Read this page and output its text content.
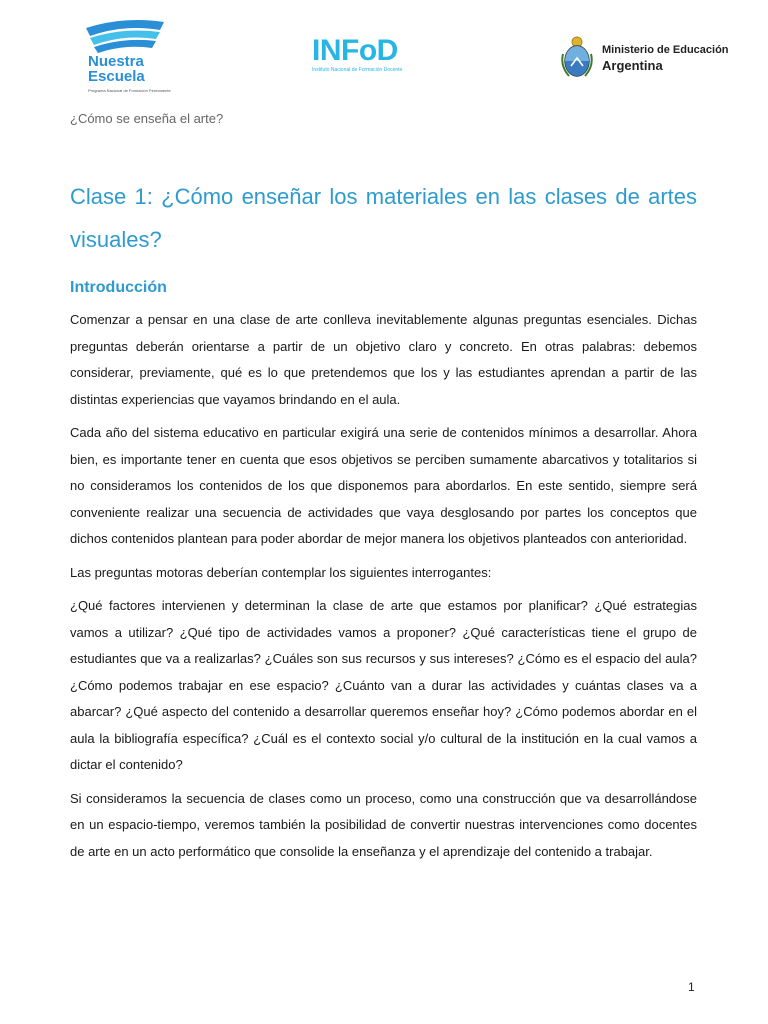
Nuestra
Escuela
Programa Nacional de Formación Permanente
INFoD
Instituto Nacional de Formación Docente
Ministerio de Educación
Argentina
¿Cómo se enseña el arte?
Clase 1: ¿Cómo enseñar los materiales en las clases de artes visuales?
Introducción

Comenzar a pensar en una clase de arte conlleva inevitablemente algunas preguntas esenciales. Dichas preguntas deberán orientarse a partir de un objetivo claro y concreto. En otras palabras: debemos considerar, previamente, qué es lo que pretendemos que los y las estudiantes aprendan a partir de las distintas experiencias que vayamos brindando en el aula.

Cada año del sistema educativo en particular exigirá una serie de contenidos mínimos a desarrollar. Ahora bien, es importante tener en cuenta que esos objetivos se perciben sumamente abarcativos y totalitarios si no consideramos los contenidos de los que disponemos para abordarlos. En este sentido, siempre será conveniente realizar una secuencia de actividades que vaya desglosando por partes los conceptos que dichos contenidos plantean para poder abordar de mejor manera los objetivos planteados con anterioridad.

Las preguntas motoras deberían contemplar los siguientes interrogantes:

¿Qué factores intervienen y determinan la clase de arte que estamos por planificar? ¿Qué estrategias vamos a utilizar? ¿Qué tipo de actividades vamos a proponer? ¿Qué características tiene el grupo de estudiantes que va a realizarlas? ¿Cuáles son sus recursos y sus intereses? ¿Cómo es el espacio del aula? ¿Cómo podemos trabajar en ese espacio? ¿Cuánto van a durar las actividades y cuántas clases va a abarcar? ¿Qué aspecto del contenido a desarrollar queremos enseñar hoy? ¿Cómo podemos abordar en el aula la bibliografía específica? ¿Cuál es el contexto social y/o cultural de la institución en la cual vamos a dictar el contenido?

Si consideramos la secuencia de clases como un proceso, como una construcción que va desarrollándose en un espacio-tiempo, veremos también la posibilidad de convertir nuestras intervenciones como docentes de arte en un acto performático que consolide la enseñanza y el aprendizaje del contenido a trabajar.

1
